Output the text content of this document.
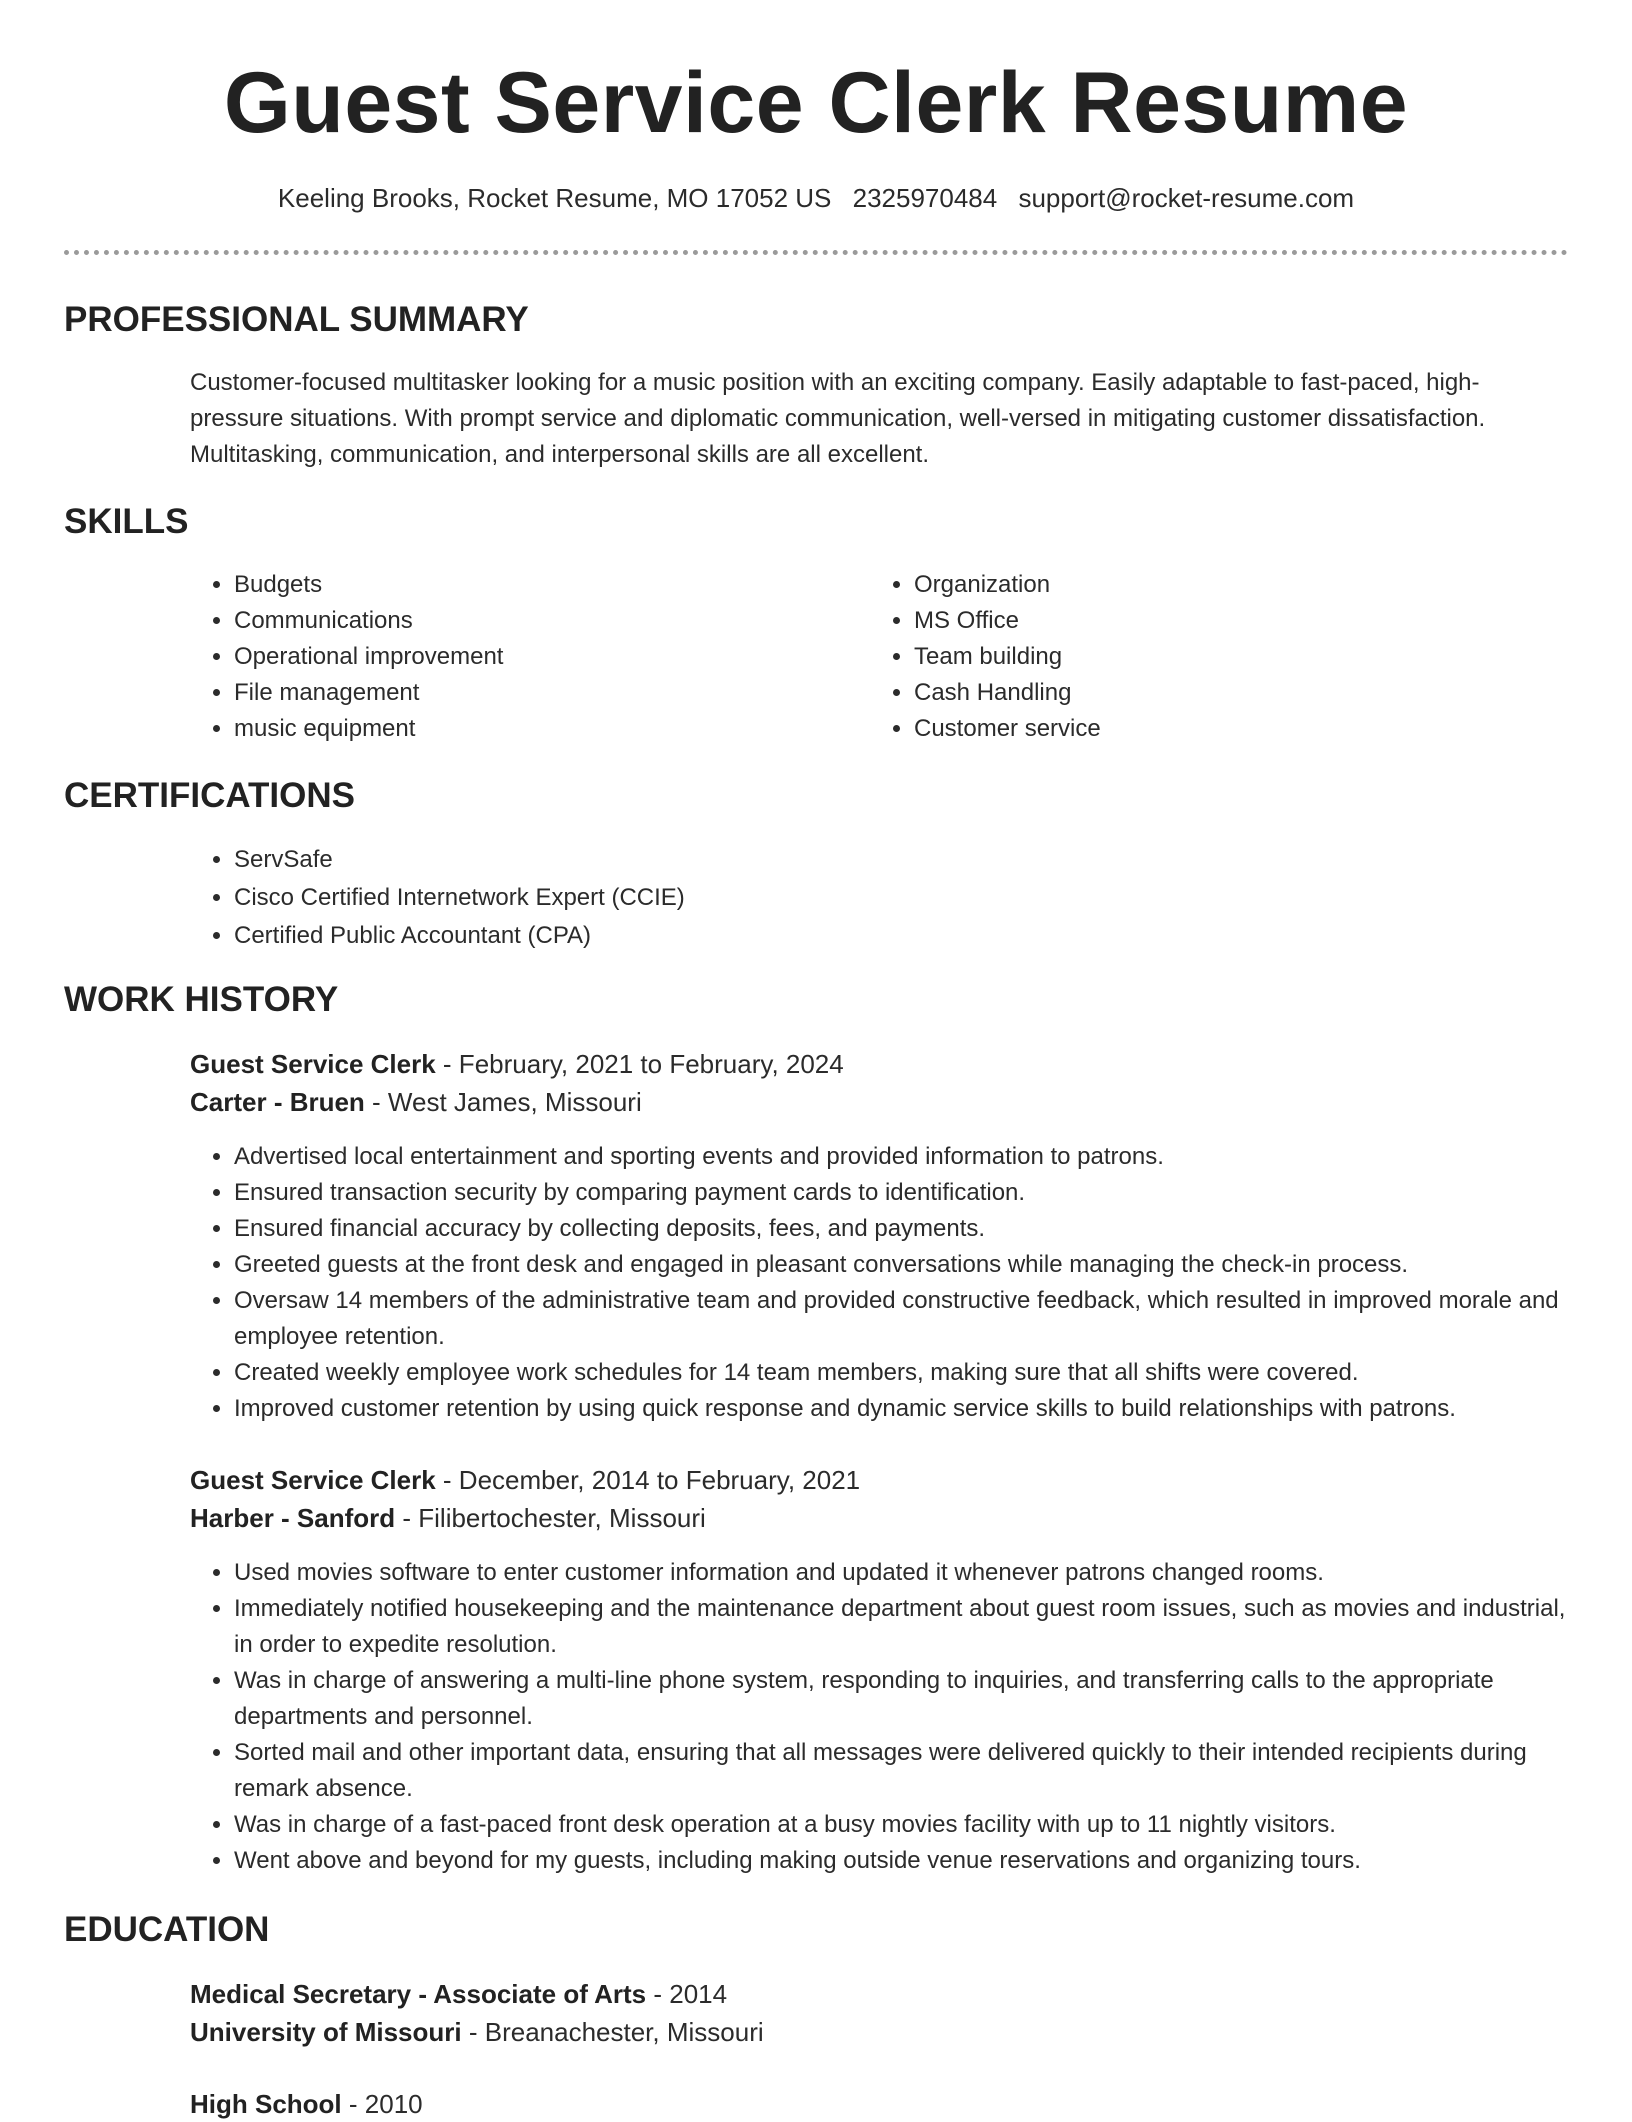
Guest Service Clerk Resume
Keeling Brooks, Rocket Resume, MO 17052 US 2325970484 support@rocket-resume.com
PROFESSIONAL SUMMARY

Customer-focused multitasker looking for a music position with an exciting company. Easily adaptable to fast-paced, high-pressure situations. With prompt service and diplomatic communication, well-versed in mitigating customer dissatisfaction. Multitasking, communication, and interpersonal skills are all excellent.

SKILLS
• Budgets
• Communications
• Operational improvement
• File management
• music equipment
• Organization
• MS Office
• Team building
• Cash Handling
• Customer service
CERTIFICATIONS
• ServSafe
• Cisco Certified Internetwork Expert (CCIE)
• Certified Public Accountant (CPA)
WORK HISTORY
Guest Service Clerk - February, 2021 to February, 2024
Carter - Bruen - West James, Missouri
• Advertised local entertainment and sporting events and provided information to patrons.
• Ensured transaction security by comparing payment cards to identification.
• Ensured financial accuracy by collecting deposits, fees, and payments.
• Greeted guests at the front desk and engaged in pleasant conversations while managing the check-in process.
• Oversaw 14 members of the administrative team and provided constructive feedback, which resulted in improved morale and employee retention.
• Created weekly employee work schedules for 14 team members, making sure that all shifts were covered.
• Improved customer retention by using quick response and dynamic service skills to build relationships with patrons.
Guest Service Clerk - December, 2014 to February, 2021
Harber - Sanford - Filibertochester, Missouri
• Used movies software to enter customer information and updated it whenever patrons changed rooms.
• Immediately notified housekeeping and the maintenance department about guest room issues, such as movies and industrial, in order to expedite resolution.
• Was in charge of answering a multi-line phone system, responding to inquiries, and transferring calls to the appropriate departments and personnel.
• Sorted mail and other important data, ensuring that all messages were delivered quickly to their intended recipients during remark absence.
• Was in charge of a fast-paced front desk operation at a busy movies facility with up to 11 nightly visitors.
• Went above and beyond for my guests, including making outside venue reservations and organizing tours.
EDUCATION
Medical Secretary - Associate of Arts - 2014
University of Missouri - Breanachester, Missouri
High School - 2010
